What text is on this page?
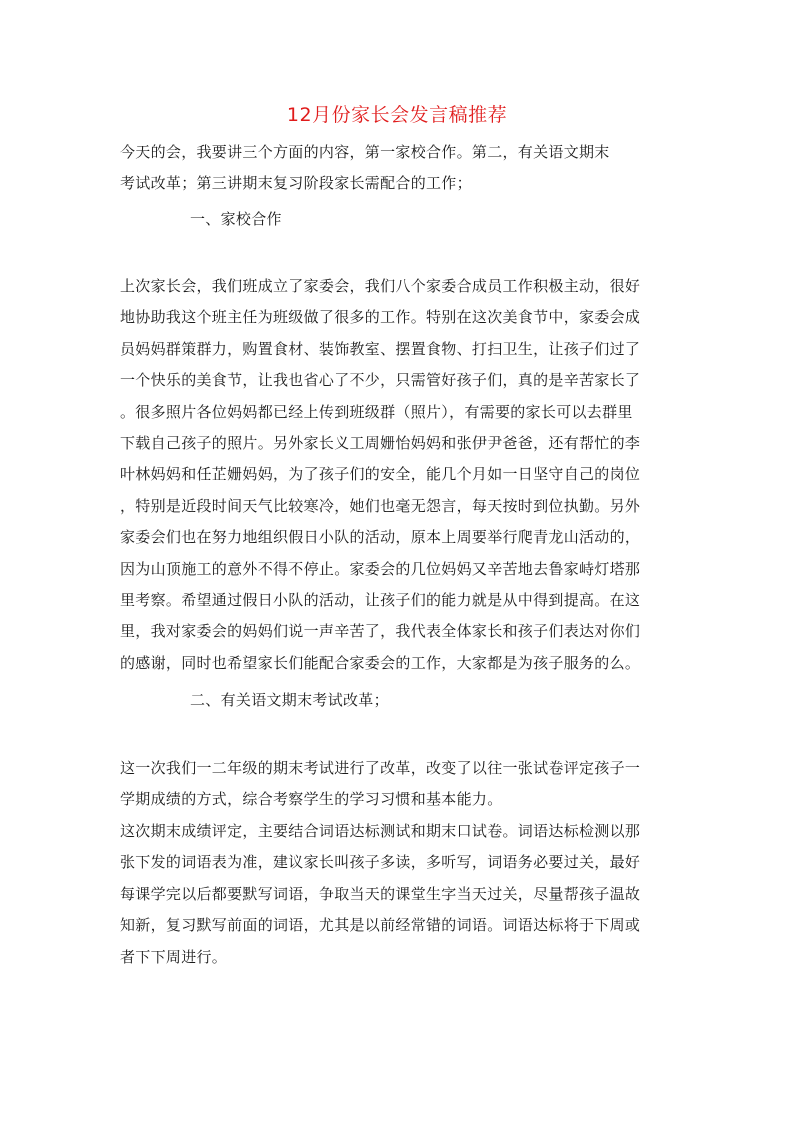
12月份家长会发言稿推荐
今天的会，我要讲三个方面的内容，第一家校合作。第二，有关语文期末
考试改革；第三讲期末复习阶段家长需配合的工作；
一、家校合作
上次家长会，我们班成立了家委会，我们八个家委合成员工作积极主动，很好
地协助我这个班主任为班级做了很多的工作。特别在这次美食节中，家委会成
员妈妈群策群力，购置食材、装饰教室、摆置食物、打扫卫生，让孩子们过了
一个快乐的美食节，让我也省心了不少，只需管好孩子们，真的是辛苦家长了
。很多照片各位妈妈都已经上传到班级群（照片），有需要的家长可以去群里
下载自己孩子的照片。另外家长义工周姗怡妈妈和张伊尹爸爸，还有帮忙的李
叶林妈妈和任芷姗妈妈，为了孩子们的安全，能几个月如一日坚守自己的岗位
，特别是近段时间天气比较寒冷，她们也毫无怨言，每天按时到位执勤。另外
家委会们也在努力地组织假日小队的活动，原本上周要举行爬青龙山活动的，
因为山顶施工的意外不得不停止。家委会的几位妈妈又辛苦地去鲁家峙灯塔那
里考察。希望通过假日小队的活动，让孩子们的能力就是从中得到提高。在这
里，我对家委会的妈妈们说一声辛苦了，我代表全体家长和孩子们表达对你们
的感谢，同时也希望家长们能配合家委会的工作，大家都是为孩子服务的么。
二、有关语文期末考试改革；
这一次我们一二年级的期末考试进行了改革，改变了以往一张试卷评定孩子一
学期成绩的方式，综合考察学生的学习习惯和基本能力。
这次期末成绩评定，主要结合词语达标测试和期末口试卷。词语达标检测以那
张下发的词语表为准，建议家长叫孩子多读，多听写，词语务必要过关，最好
每课学完以后都要默写词语，争取当天的课堂生字当天过关，尽量帮孩子温故
知新，复习默写前面的词语，尤其是以前经常错的词语。词语达标将于下周或
者下下周进行。
